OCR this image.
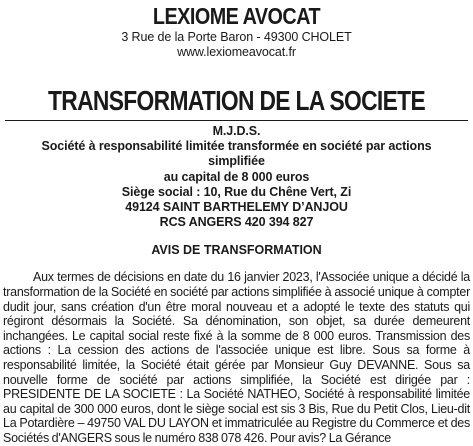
LEXIOME AVOCAT
3 Rue de la Porte Baron - 49300 CHOLET
www.lexiomeavocat.fr
TRANSFORMATION DE LA SOCIETE
M.J.D.S.
Société à responsabilité limitée transformée en société par actions
simplifiée
au capital de 8 000 euros
Siège social : 10, Rue du Chêne Vert, Zi
49124 SAINT BARTHELEMY D’ANJOU
RCS ANGERS 420 394 827
AVIS DE TRANSFORMATION

Aux termes de décisions en date du 16 janvier 2023, l'Associée unique a décidé la transformation de la Société en société par actions simplifiée à associé unique à compter dudit jour, sans création d'un être moral nouveau et a adopté le texte des statuts qui régiront désormais la Société. Sa dénomination, son objet, sa durée demeurent inchangées. Le capital social reste fixé à la somme de 8 000 euros. Transmission des actions : La cession des actions de l'associée unique est libre. Sous sa forme à responsabilité limitée, la Société était gérée par Monsieur Guy DEVANNE. Sous sa nouvelle forme de société par actions simplifiée, la Société est dirigée par : PRESIDENTE DE LA SOCIETE : La Société NATHEO, Société à responsabilité limitée au capital de 300 000 euros, dont le siège social est sis 3 Bis, Rue du Petit Clos, Lieu-dit La Potardière – 49750 VAL DU LAYON et immatriculée au Registre du Commerce et des Sociétés d'ANGERS sous le numéro 838 078 426. Pour avis? La Gérance
